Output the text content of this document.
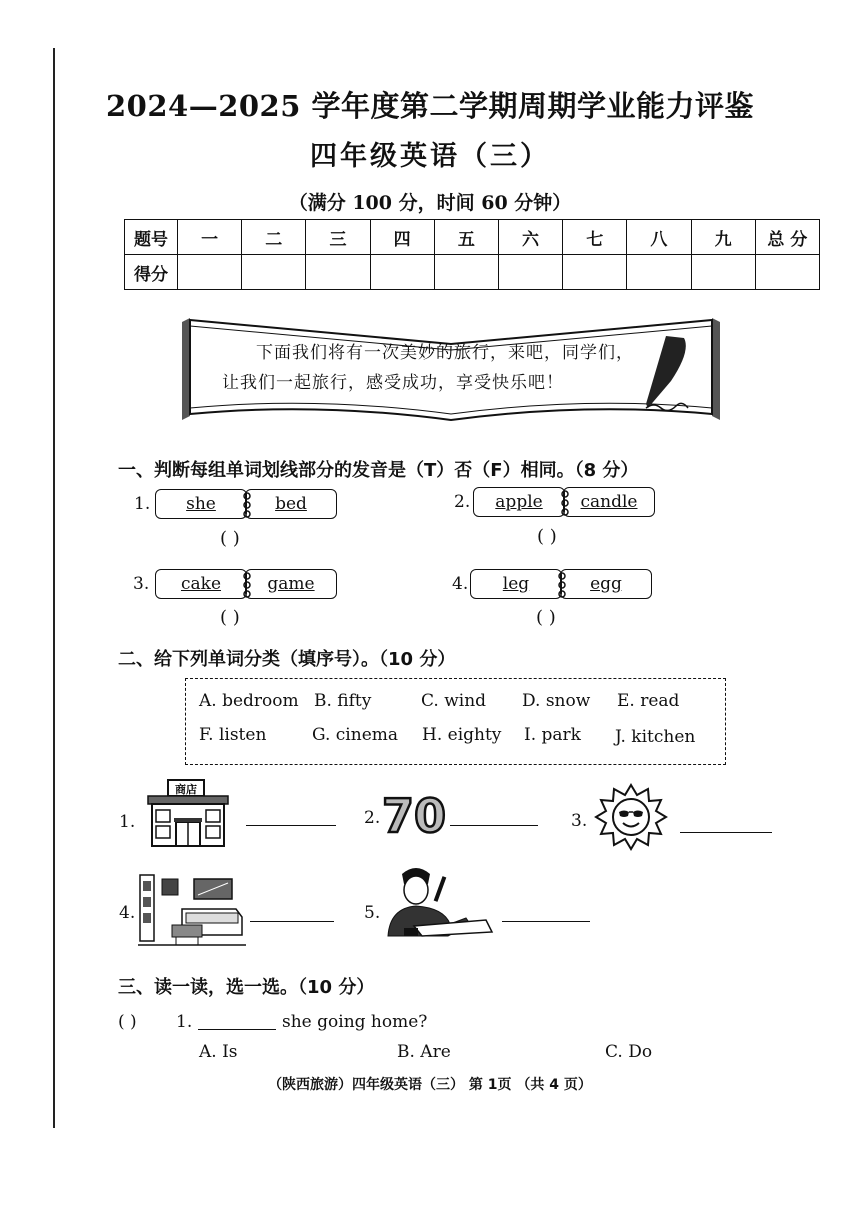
2024—2025 学年度第二学期周期学业能力评鉴
四年级英语（三）
（满分 100 分，时间 60 分钟）
题号	一	二	三	四	五	六	七	八	九	总 分
得分										
下面我们将有一次美妙的旅行，来吧，同学们，让我们一起旅行，感受成功，享受快乐吧！
一、判断每组单词划线部分的发音是（T）否（F）相同。（8 分）
1. she	bed
( )
2. apple candle
( )
3. cake	game
( )
4. leg	egg
( )
二、给下列单词分类（填序号）。（10 分）
A. bedroom B. fifty	C. wind D. snow E. read
F. listen	G. cinema H. eighty I. park J. kitchen
1.
商店
2. 70	3.
4.	5.
三、读一读，选一选。（10 分）
( ) 1.	she going home?
A. Is	B. Are	C. Do
（陕西旅游）四年级英语（三） 第 1页 （共 4 页）
